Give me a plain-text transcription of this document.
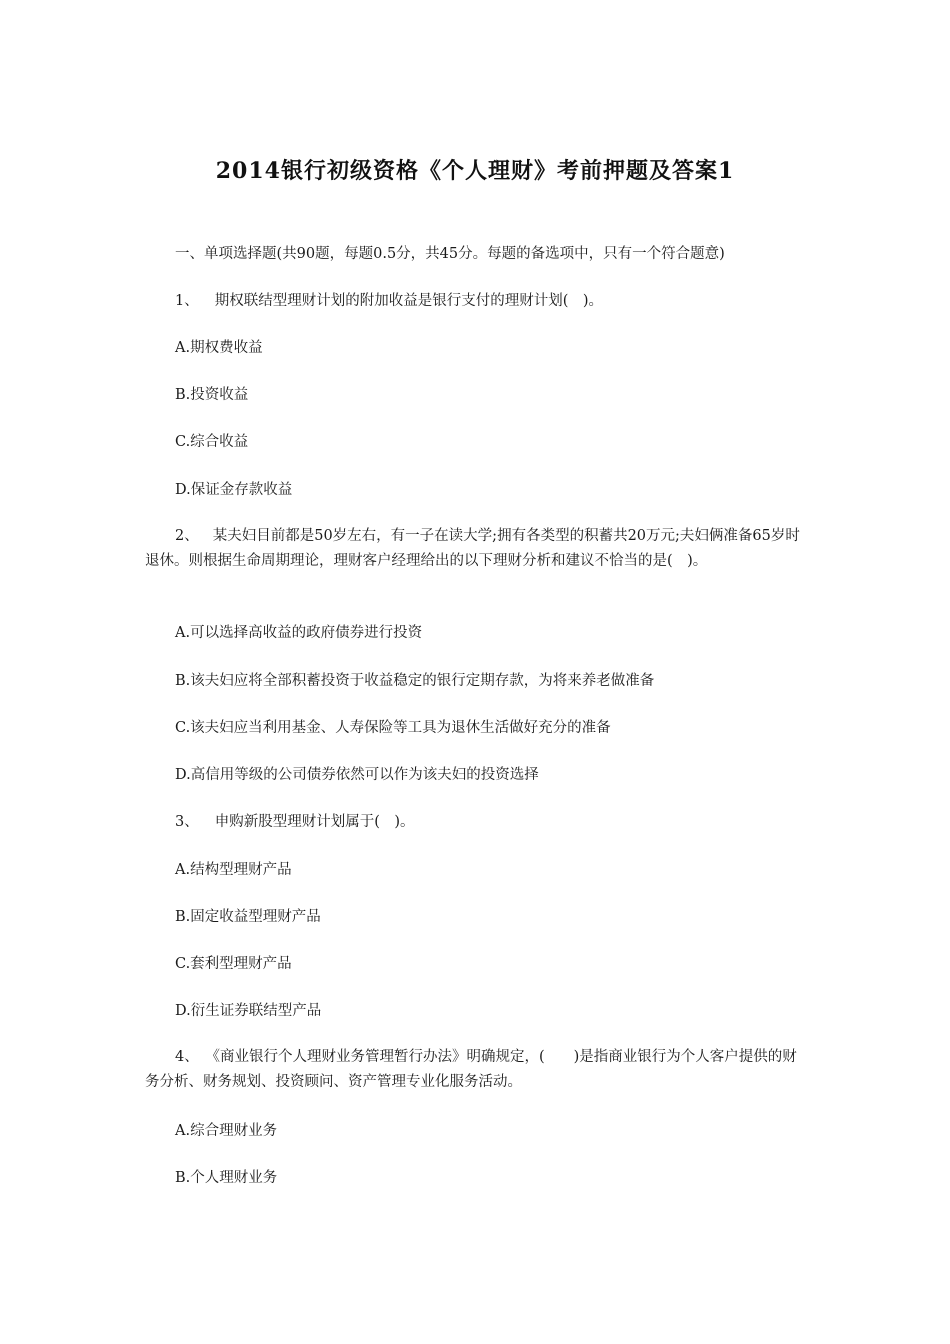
2014银行初级资格《个人理财》考前押题及答案1
一、单项选择题(共90题，每题0.5分，共45分。每题的备选项中，只有一个符合题意)
1、 期权联结型理财计划的附加收益是银行支付的理财计划(　)。
A.期权费收益
B.投资收益
C.综合收益
D.保证金存款收益
2、 某夫妇目前都是50岁左右，有一子在读大学;拥有各类型的积蓄共20万元;夫妇俩准备65岁时退休。则根据生命周期理论，理财客户经理给出的以下理财分析和建议不恰当的是(　)。
A.可以选择高收益的政府债券进行投资
B.该夫妇应将全部积蓄投资于收益稳定的银行定期存款，为将来养老做准备
C.该夫妇应当利用基金、人寿保险等工具为退休生活做好充分的准备
D.高信用等级的公司债券依然可以作为该夫妇的投资选择
3、 申购新股型理财计划属于(　)。
A.结构型理财产品
B.固定收益型理财产品
C.套利型理财产品
D.衍生证券联结型产品
4、 《商业银行个人理财业务管理暂行办法》明确规定，(　　)是指商业银行为个人客户提供的财务分析、财务规划、投资顾问、资产管理专业化服务活动。
A.综合理财业务
B.个人理财业务
